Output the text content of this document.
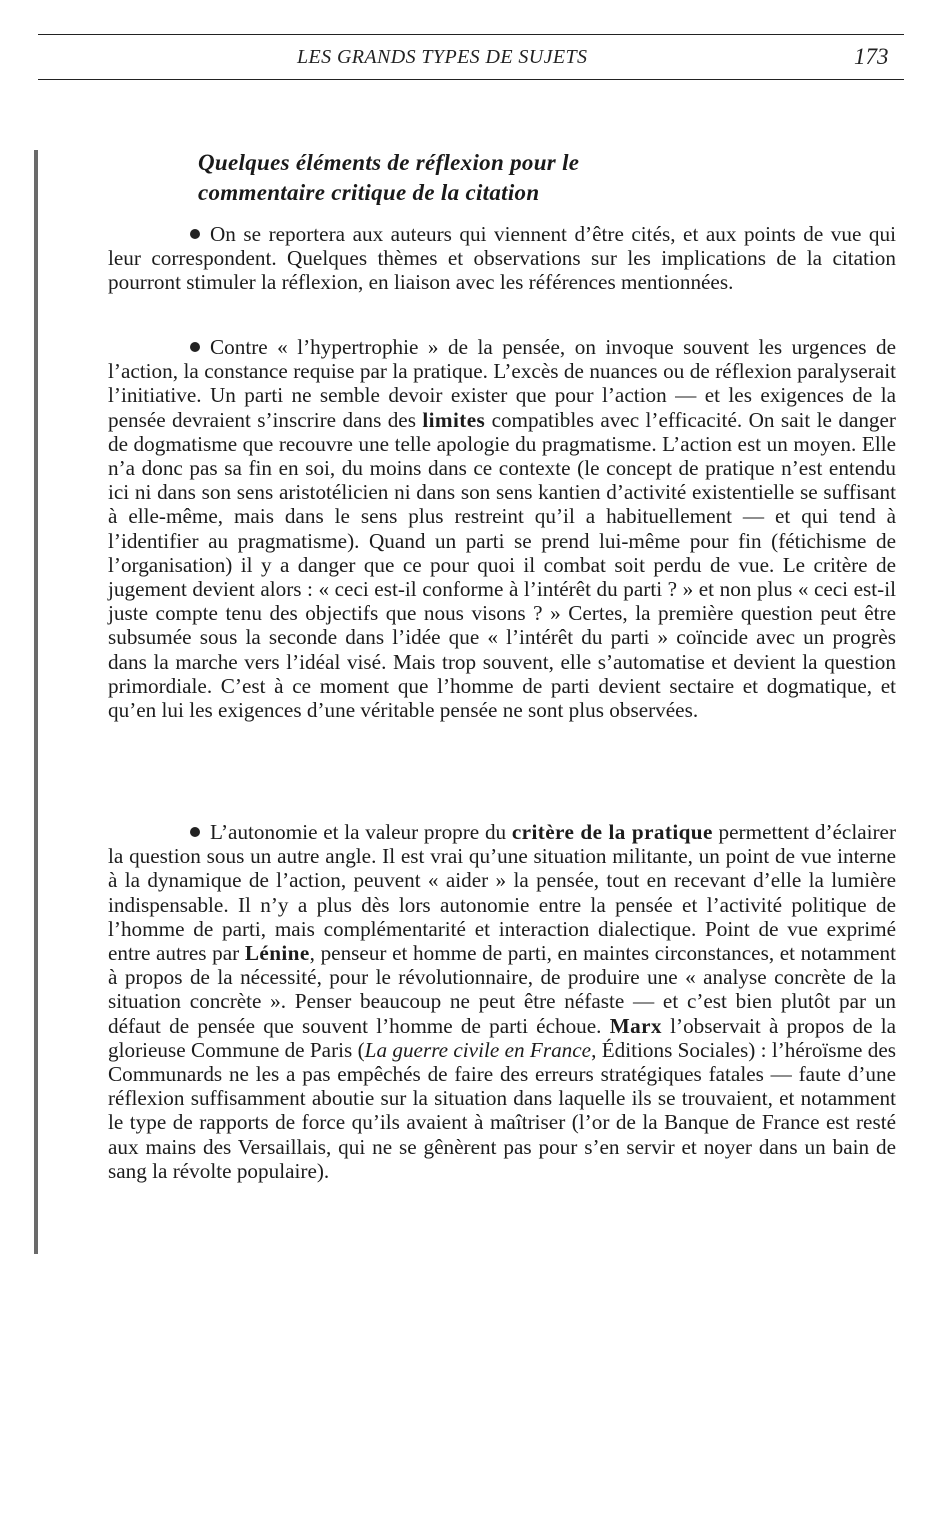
LES GRANDS TYPES DE SUJETS	173
Quelques éléments de réflexion pour le
commentaire critique de la citation

On se reportera aux auteurs qui viennent d’être cités, et aux points de vue qui leur correspondent. Quelques thèmes et observations sur les implications de la citation pourront stimuler la réflexion, en liaison avec les références mentionnées.

Contre « l’hypertrophie » de la pensée, on invoque souvent les urgences de l’action, la constance requise par la pratique. L’excès de nuances ou de réflexion paralyserait l’initiative. Un parti ne semble devoir exister que pour l’action — et les exigences de la pensée devraient s’inscrire dans des limites compatibles avec l’efficacité. On sait le danger de dogmatisme que recouvre une telle apologie du pragmatisme. L’action est un moyen. Elle n’a donc pas sa fin en soi, du moins dans ce contexte (le concept de pratique n’est entendu ici ni dans son sens aristotélicien ni dans son sens kantien d’activité existentielle se suffisant à elle-même, mais dans le sens plus restreint qu’il a habituellement — et qui tend à l’identifier au pragmatisme). Quand un parti se prend lui-même pour fin (fétichisme de l’organisation) il y a danger que ce pour quoi il combat soit perdu de vue. Le critère de jugement devient alors : « ceci est-il conforme à l’intérêt du parti ? » et non plus « ceci est-il juste compte tenu des objectifs que nous visons ? » Certes, la première question peut être subsumée sous la seconde dans l’idée que « l’intérêt du parti » coïncide avec un progrès dans la marche vers l’idéal visé. Mais trop souvent, elle s’automatise et devient la question primordiale. C’est à ce moment que l’homme de parti devient sectaire et dogmatique, et qu’en lui les exigences d’une véritable pensée ne sont plus observées.

L’autonomie et la valeur propre du critère de la pratique permettent d’éclairer la question sous un autre angle. Il est vrai qu’une situation militante, un point de vue interne à la dynamique de l’action, peuvent « aider » la pensée, tout en recevant d’elle la lumière indispensable. Il n’y a plus dès lors autonomie entre la pensée et l’activité politique de l’homme de parti, mais complémentarité et interaction dialectique. Point de vue exprimé entre autres par Lénine, penseur et homme de parti, en maintes circonstances, et notamment à propos de la nécessité, pour le révolutionnaire, de produire une « analyse concrète de la situation concrète ». Penser beaucoup ne peut être néfaste — et c’est bien plutôt par un défaut de pensée que souvent l’homme de parti échoue. Marx l’observait à propos de la glorieuse Commune de Paris (La guerre civile en France, Éditions Sociales) : l’héroïsme des Communards ne les a pas empêchés de faire des erreurs stratégiques fatales — faute d’une réflexion suffisamment aboutie sur la situation dans laquelle ils se trouvaient, et notamment le type de rapports de force qu’ils avaient à maîtriser (l’or de la Banque de France est resté aux mains des Versaillais, qui ne se gênèrent pas pour s’en servir et noyer dans un bain de sang la révolte populaire).
